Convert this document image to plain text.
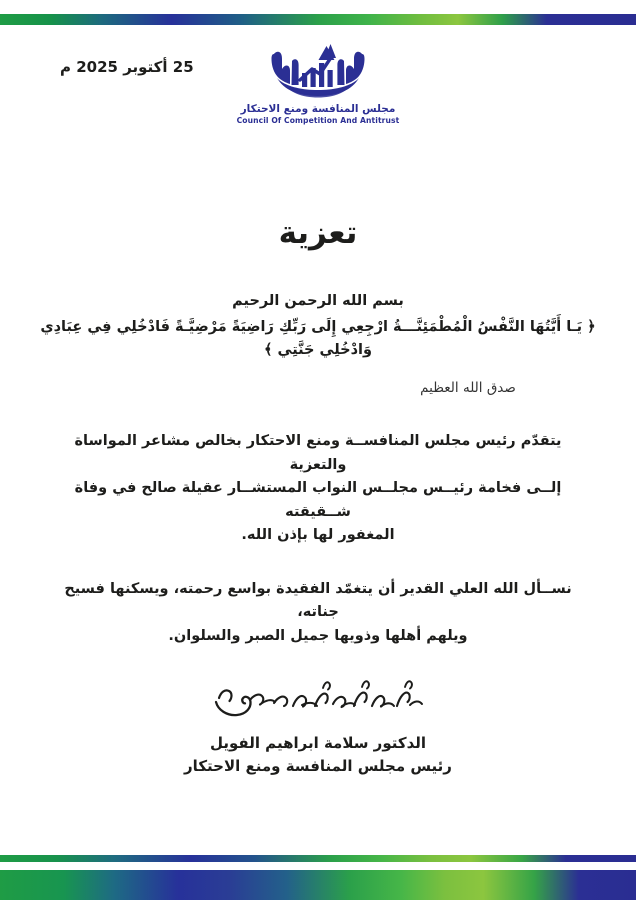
25 أكتوبر 2025 م
مجلس المنافسة ومنع الاحتكار
Council Of Competition And Antitrust
تعزية
بسم الله الرحمن الرحيم
﴿ يَـا أَيَّتُهَا النَّفْسُ الْمُطْمَئِنَّـــةُ ارْجِعِي إِلَى رَبِّكِ رَاضِيَةً مَرْضِيَّـةً فَادْخُلِي فِي عِبَادِي
وَادْخُلِي جَنَّتِي ﴾
صدق الله العظيم
يتقدّم رئيس مجلس المنافســة ومنع الاحتكار بخالص مشاعر المواساة والتعزية
إلــى فخامة رئيــس مجلــس النواب المستشــار عقيلة صالح في وفاة شــقيقته
المغفور لها بإذن الله.
نســأل الله العلي القدير أن يتغمّد الفقيدة بواسع رحمته، ويسكنها فسيح جناته،
ويلهم أهلها وذويها جميل الصبر والسلوان.
الدكتور سلامة ابراهيم الفويل
رئيس مجلس المنافسة ومنع الاحتكار
